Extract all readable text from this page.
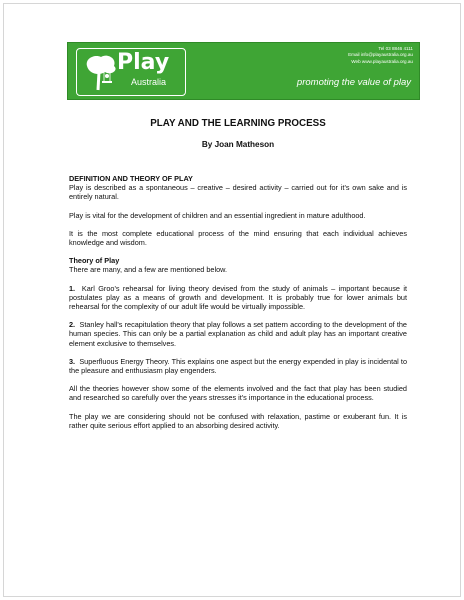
Play
Australia
Tel 03 8846 4111
Email info@playaustralia.org.au
Web www.playaustralia.org.au
promoting the value of play
PLAY AND THE LEARNING PROCESS
By Joan Matheson
DEFINITION AND THEORY OF PLAY

Play is described as a spontaneous – creative – desired activity – carried out for it's own sake and is entirely natural.

Play is vital for the development of children and an essential ingredient in mature adulthood.

It is the most complete educational process of the mind ensuring that each individual achieves knowledge and wisdom.

Theory of Play

There are many, and a few are mentioned below.

1. Karl Groo's rehearsal for living theory devised from the study of animals – important because it postulates play as a means of growth and development. It is probably true for lower animals but rehearsal for the complexity of our adult life would be virtually impossible.

2. Stanley hall's recapitulation theory that play follows a set pattern according to the development of the human species. This can only be a partial explanation as child and adult play has an important creative element exclusive to themselves.

3. Superfluous Energy Theory. This explains one aspect but the energy expended in play is incidental to the pleasure and enthusiasm play engenders.

All the theories however show some of the elements involved and the fact that play has been studied and researched so carefully over the years stresses it's importance in the educational process.

The play we are considering should not be confused with relaxation, pastime or exuberant fun. It is rather quite serious effort applied to an absorbing desired activity.
